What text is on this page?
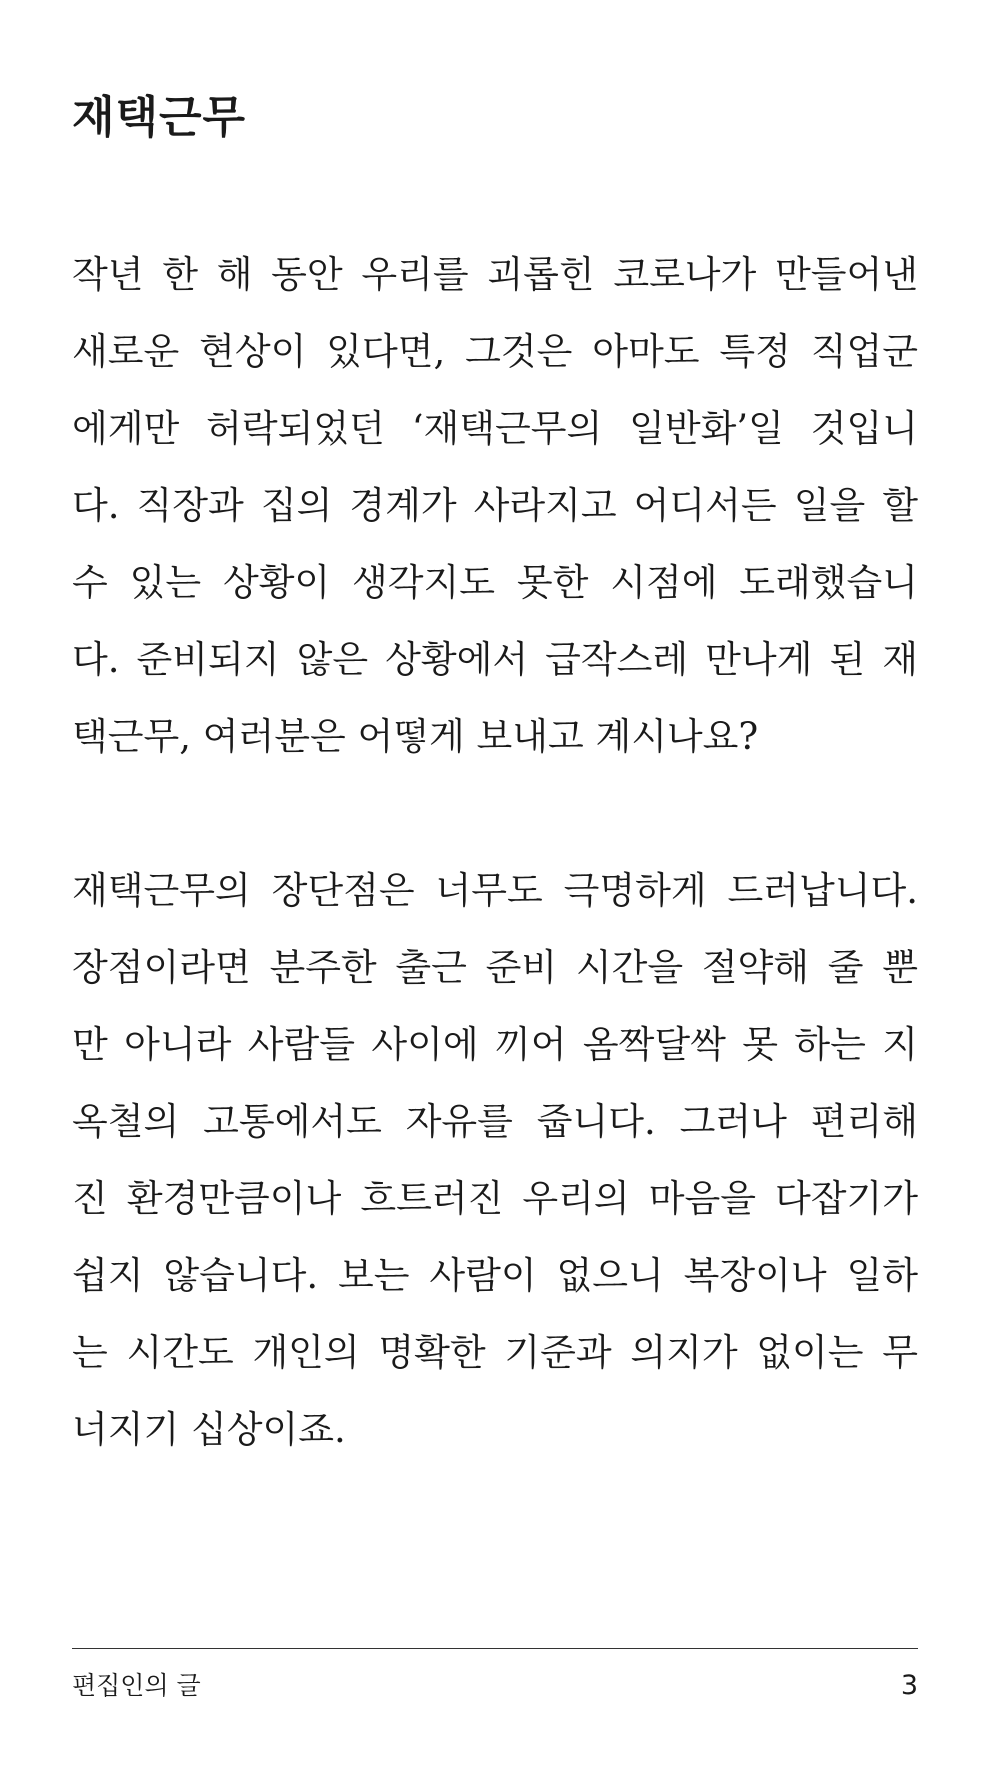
재택근무

작년 한 해 동안 우리를 괴롭힌 코로나가 만들어낸
새로운 현상이 있다면, 그것은 아마도 특정 직업군
에게만 허락되었던 ‘재택근무의 일반화’일 것입니
다. 직장과 집의 경계가 사라지고 어디서든 일을 할
수 있는 상황이 생각지도 못한 시점에 도래했습니
다. 준비되지 않은 상황에서 급작스레 만나게 된 재
택근무, 여러분은 어떻게 보내고 계시나요?

재택근무의 장단점은 너무도 극명하게 드러납니다.
장점이라면 분주한 출근 준비 시간을 절약해 줄 뿐
만 아니라 사람들 사이에 끼어 옴짝달싹 못 하는 지
옥철의 고통에서도 자유를 줍니다. 그러나 편리해
진 환경만큼이나 흐트러진 우리의 마음을 다잡기가
쉽지 않습니다. 보는 사람이 없으니 복장이나 일하
는 시간도 개인의 명확한 기준과 의지가 없이는 무
너지기 십상이죠.

편집인의 글	3
